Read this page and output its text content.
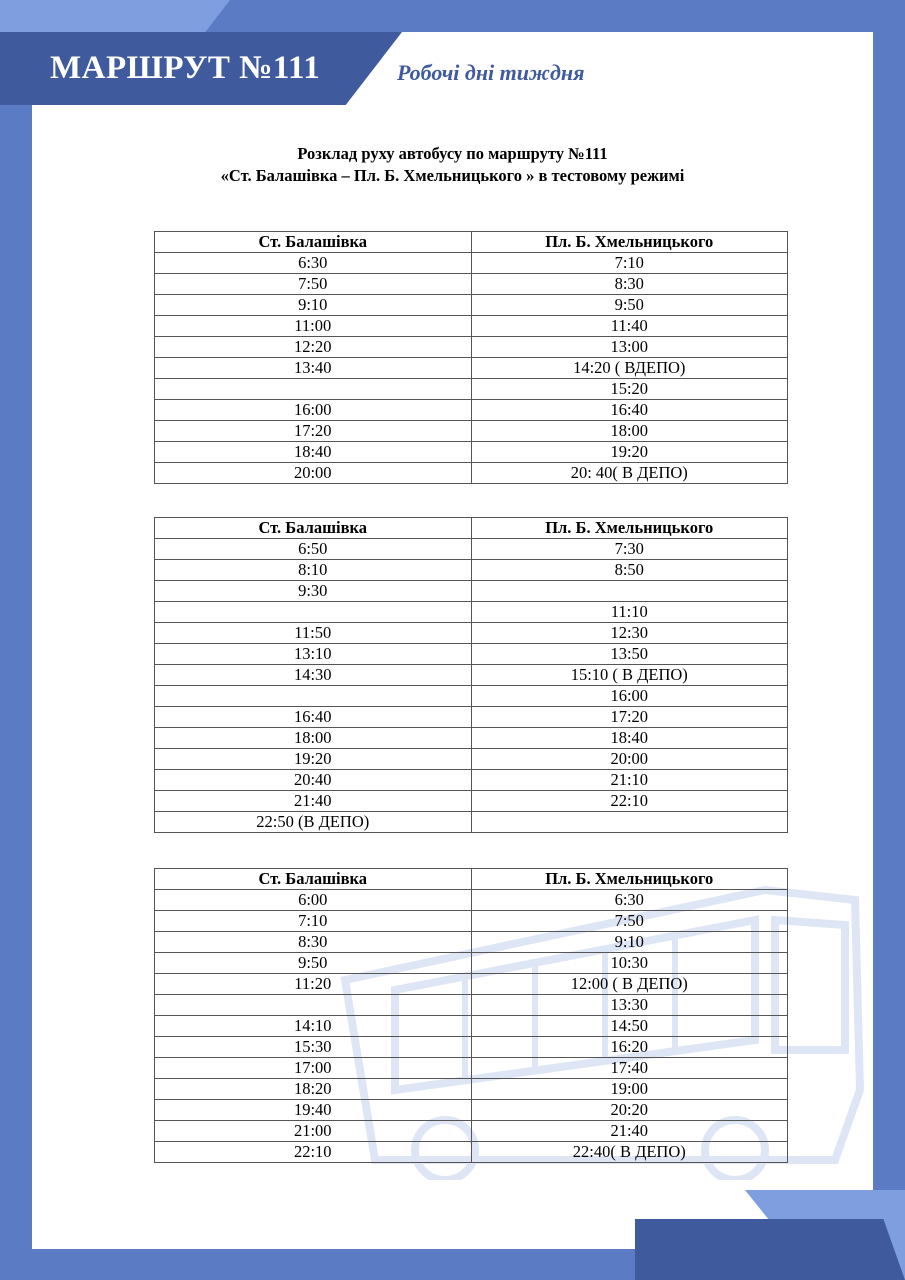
МАРШРУТ №111	Робочі дні тиждня
Розклад руху автобусу по маршруту №111
«Ст. Балашівка – Пл. Б. Хмельницького » в тестовому режимі
Ст. Балашівка	Пл. Б. Хмельницького
6:30	7:10
7:50	8:30
9:10	9:50
11:00	11:40
12:20	13:00
13:40	14:20 ( ВДЕПО)
	15:20
16:00	16:40
17:20	18:00
18:40	19:20
20:00	20: 40( В ДЕПО)
Ст. Балашівка	Пл. Б. Хмельницького
6:50	7:30
8:10	8:50
9:30	
	11:10
11:50	12:30
13:10	13:50
14:30	15:10 ( В ДЕПО)
	16:00
16:40	17:20
18:00	18:40
19:20	20:00
20:40	21:10
21:40	22:10
22:50 (В ДЕПО)	
Ст. Балашівка	Пл. Б. Хмельницького
6:00	6:30
7:10	7:50
8:30	9:10
9:50	10:30
11:20	12:00 ( В ДЕПО)
	13:30
14:10	14:50
15:30	16:20
17:00	17:40
18:20	19:00
19:40	20:20
21:00	21:40
22:10	22:40( В ДЕПО)
